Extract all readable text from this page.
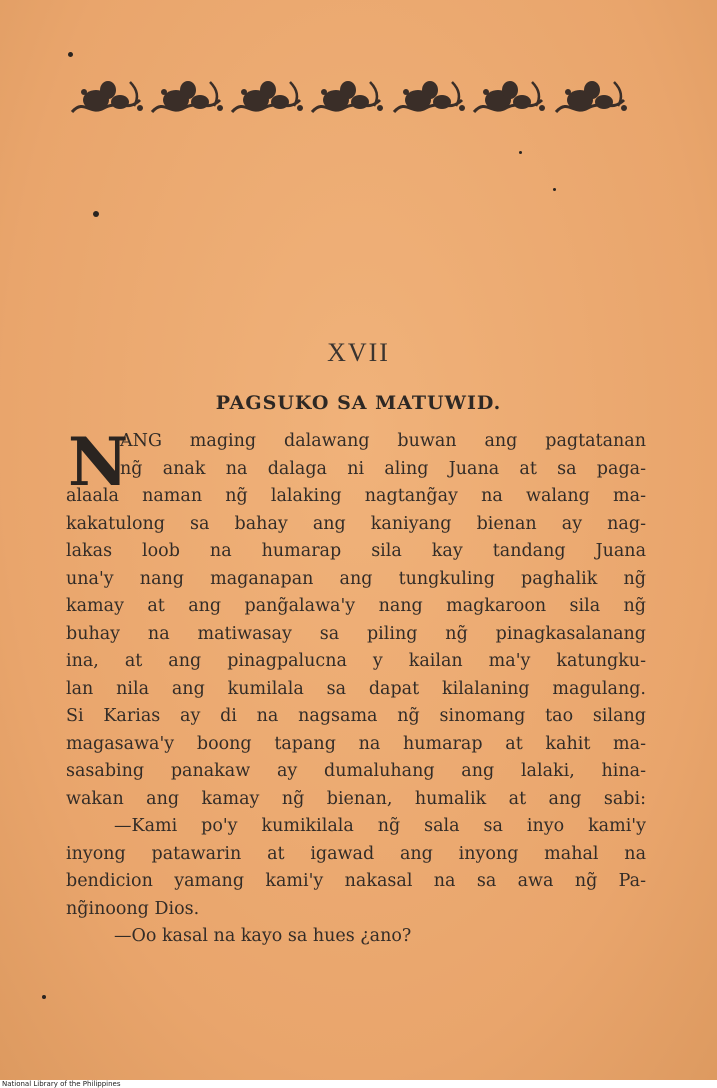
XVII
PAGSUKO SA MATUWID.
N
ANG maging dalawang buwan ang pagtatanan
ng̃ anak na dalaga ni aling Juana at sa paga-
alaala naman ng̃ lalaking nagtang̃ay na walang ma-
kakatulong sa bahay ang kaniyang bienan ay nag-
lakas loob na humarap sila kay tandang Juana
una'y nang maganapan ang tungkuling paghalik ng̃
kamay at ang pang̃alawa'y nang magkaroon sila ng̃
buhay na matiwasay sa piling ng̃ pinagkasalanang
ina, at ang pinagpalucna y kailan ma'y katungku-
lan nila ang kumilala sa dapat kilalaning magulang.
Si Karias ay di na nagsama ng̃ sinomang tao silang
magasawa'y boong tapang na humarap at kahit ma-
sasabing panakaw ay dumaluhang ang lalaki, hina-
wakan ang kamay ng̃ bienan, humalik at ang sabi:
—Kami po'y kumikilala ng̃ sala sa inyo kami'y
inyong patawarin at igawad ang inyong mahal na
bendicion yamang kami'y nakasal na sa awa ng̃ Pa-
ng̃inoong Dios.
—Oo kasal na kayo sa hues ¿ano?
National Library of the Philippines
